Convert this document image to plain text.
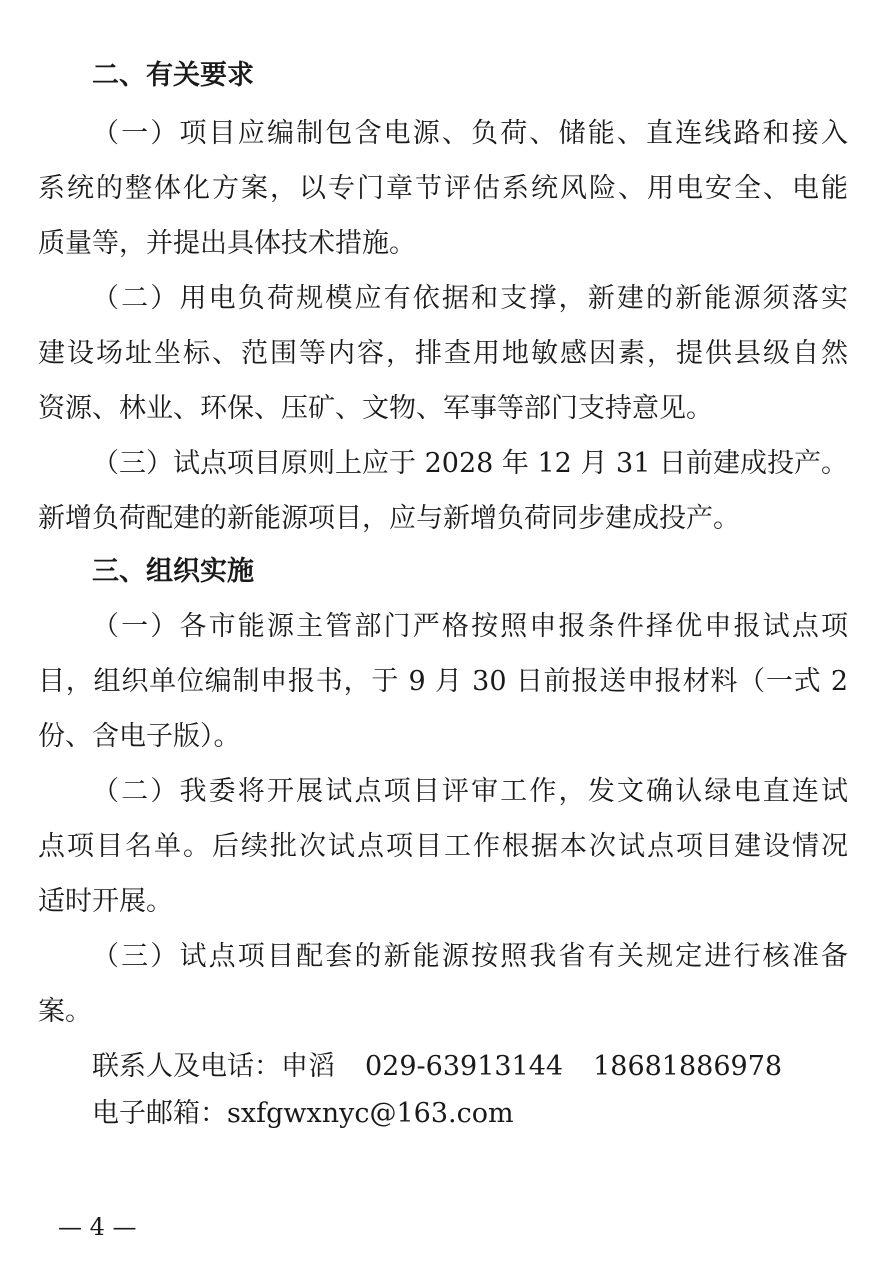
二、有关要求
（一）项目应编制包含电源、负荷、储能、直连线路和接入
系统的整体化方案，以专门章节评估系统风险、用电安全、电能
质量等，并提出具体技术措施。
（二）用电负荷规模应有依据和支撑，新建的新能源须落实
建设场址坐标、范围等内容，排查用地敏感因素，提供县级自然
资源、林业、环保、压矿、文物、军事等部门支持意见。
（三）试点项目原则上应于 2028 年 12 月 31 日前建成投产。
新增负荷配建的新能源项目，应与新增负荷同步建成投产。
三、组织实施
（一）各市能源主管部门严格按照申报条件择优申报试点项
目，组织单位编制申报书，于 9 月 30 日前报送申报材料（一式 2
份、含电子版）。
（二）我委将开展试点项目评审工作，发文确认绿电直连试
点项目名单。后续批次试点项目工作根据本次试点项目建设情况
适时开展。
（三）试点项目配套的新能源按照我省有关规定进行核准备
案。
联系人及电话：申滔 029-63913144 18681886978
电子邮箱：sxfgwxnyc@163.com
— 4 —
